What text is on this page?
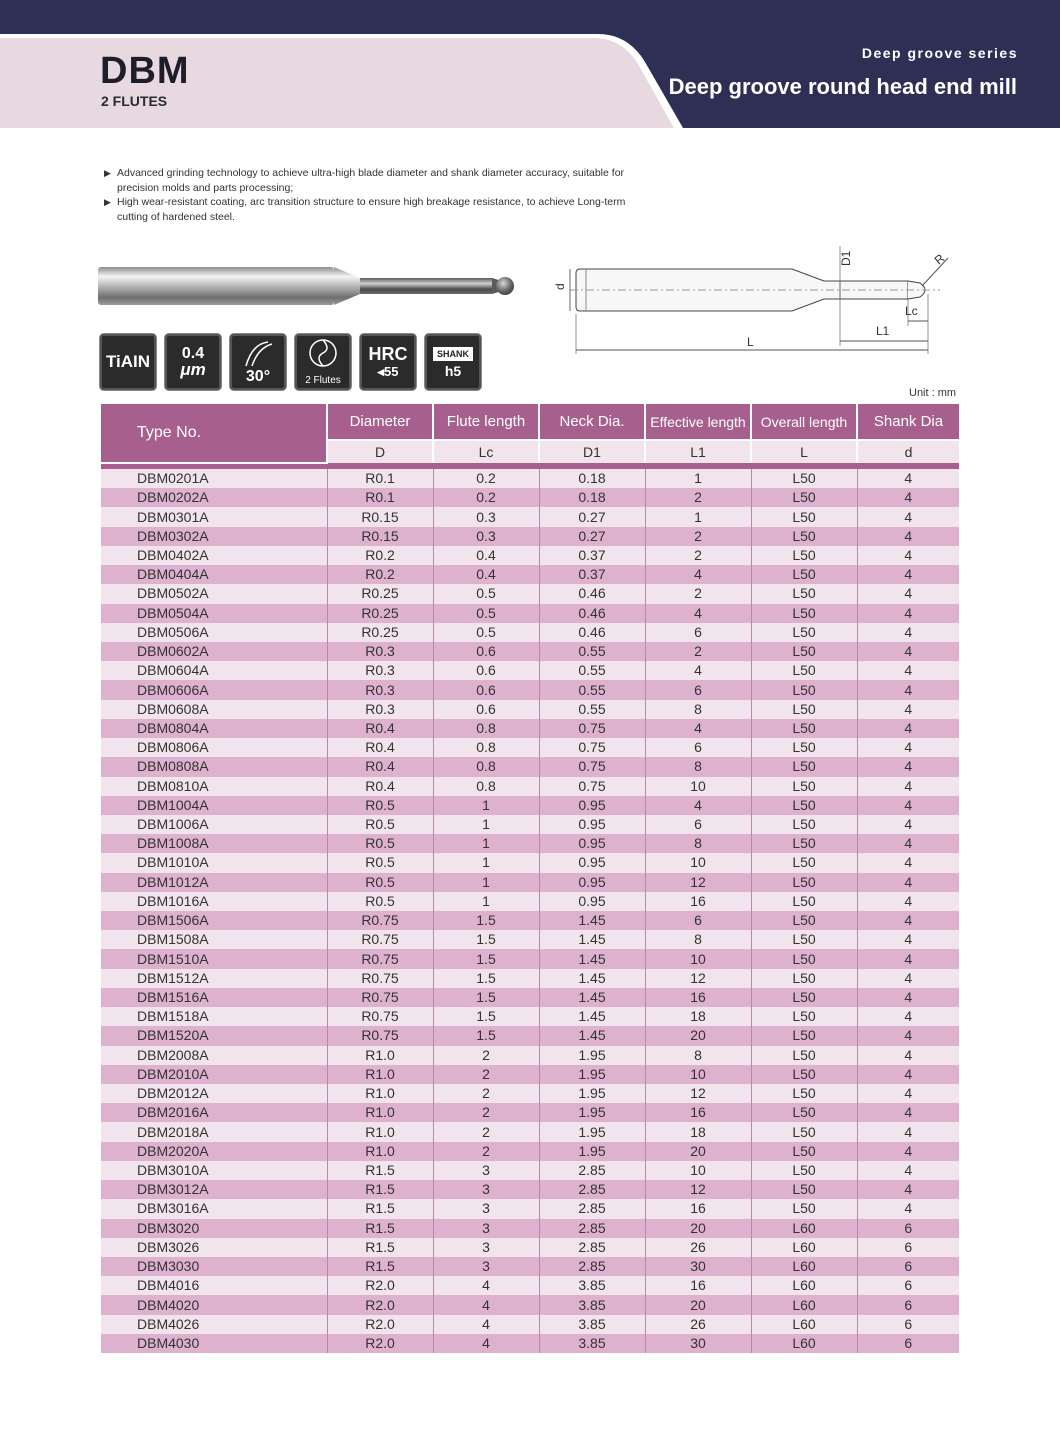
DBM
2 FLUTES
Deep groove series
Deep groove round head end mill
▶ Advanced grinding technology to achieve ultra-high blade diameter and shank diameter accuracy, suitable for precision molds and parts processing;
▶ High wear-resistant coating, arc transition structure to ensure high breakage resistance, to achieve Long-term cutting of hardened steel.
d
D1	R
Lc
L1
L
TiAIN 0.4
μm	30°	2 Flutes
HRC
◂55
SHANK
h5
Unit : mm
Type No.	Diameter	Flute length	Neck Dia.	Effective length	Overall length	Shank Dia
	D	Lc	D1	L1	L	d

DBM0201A	R0.1	0.2	0.18	1	L50	4
DBM0202A	R0.1	0.2	0.18	2	L50	4
DBM0301A	R0.15	0.3	0.27	1	L50	4
DBM0302A	R0.15	0.3	0.27	2	L50	4
DBM0402A	R0.2	0.4	0.37	2	L50	4
DBM0404A	R0.2	0.4	0.37	4	L50	4
DBM0502A	R0.25	0.5	0.46	2	L50	4
DBM0504A	R0.25	0.5	0.46	4	L50	4
DBM0506A	R0.25	0.5	0.46	6	L50	4
DBM0602A	R0.3	0.6	0.55	2	L50	4
DBM0604A	R0.3	0.6	0.55	4	L50	4
DBM0606A	R0.3	0.6	0.55	6	L50	4
DBM0608A	R0.3	0.6	0.55	8	L50	4
DBM0804A	R0.4	0.8	0.75	4	L50	4
DBM0806A	R0.4	0.8	0.75	6	L50	4
DBM0808A	R0.4	0.8	0.75	8	L50	4
DBM0810A	R0.4	0.8	0.75	10	L50	4
DBM1004A	R0.5	1	0.95	4	L50	4
DBM1006A	R0.5	1	0.95	6	L50	4
DBM1008A	R0.5	1	0.95	8	L50	4
DBM1010A	R0.5	1	0.95	10	L50	4
DBM1012A	R0.5	1	0.95	12	L50	4
DBM1016A	R0.5	1	0.95	16	L50	4
DBM1506A	R0.75	1.5	1.45	6	L50	4
DBM1508A	R0.75	1.5	1.45	8	L50	4
DBM1510A	R0.75	1.5	1.45	10	L50	4
DBM1512A	R0.75	1.5	1.45	12	L50	4
DBM1516A	R0.75	1.5	1.45	16	L50	4
DBM1518A	R0.75	1.5	1.45	18	L50	4
DBM1520A	R0.75	1.5	1.45	20	L50	4
DBM2008A	R1.0	2	1.95	8	L50	4
DBM2010A	R1.0	2	1.95	10	L50	4
DBM2012A	R1.0	2	1.95	12	L50	4
DBM2016A	R1.0	2	1.95	16	L50	4
DBM2018A	R1.0	2	1.95	18	L50	4
DBM2020A	R1.0	2	1.95	20	L50	4
DBM3010A	R1.5	3	2.85	10	L50	4
DBM3012A	R1.5	3	2.85	12	L50	4
DBM3016A	R1.5	3	2.85	16	L50	4
DBM3020	R1.5	3	2.85	20	L60	6
DBM3026	R1.5	3	2.85	26	L60	6
DBM3030	R1.5	3	2.85	30	L60	6
DBM4016	R2.0	4	3.85	16	L60	6
DBM4020	R2.0	4	3.85	20	L60	6
DBM4026	R2.0	4	3.85	26	L60	6
DBM4030	R2.0	4	3.85	30	L60	6
